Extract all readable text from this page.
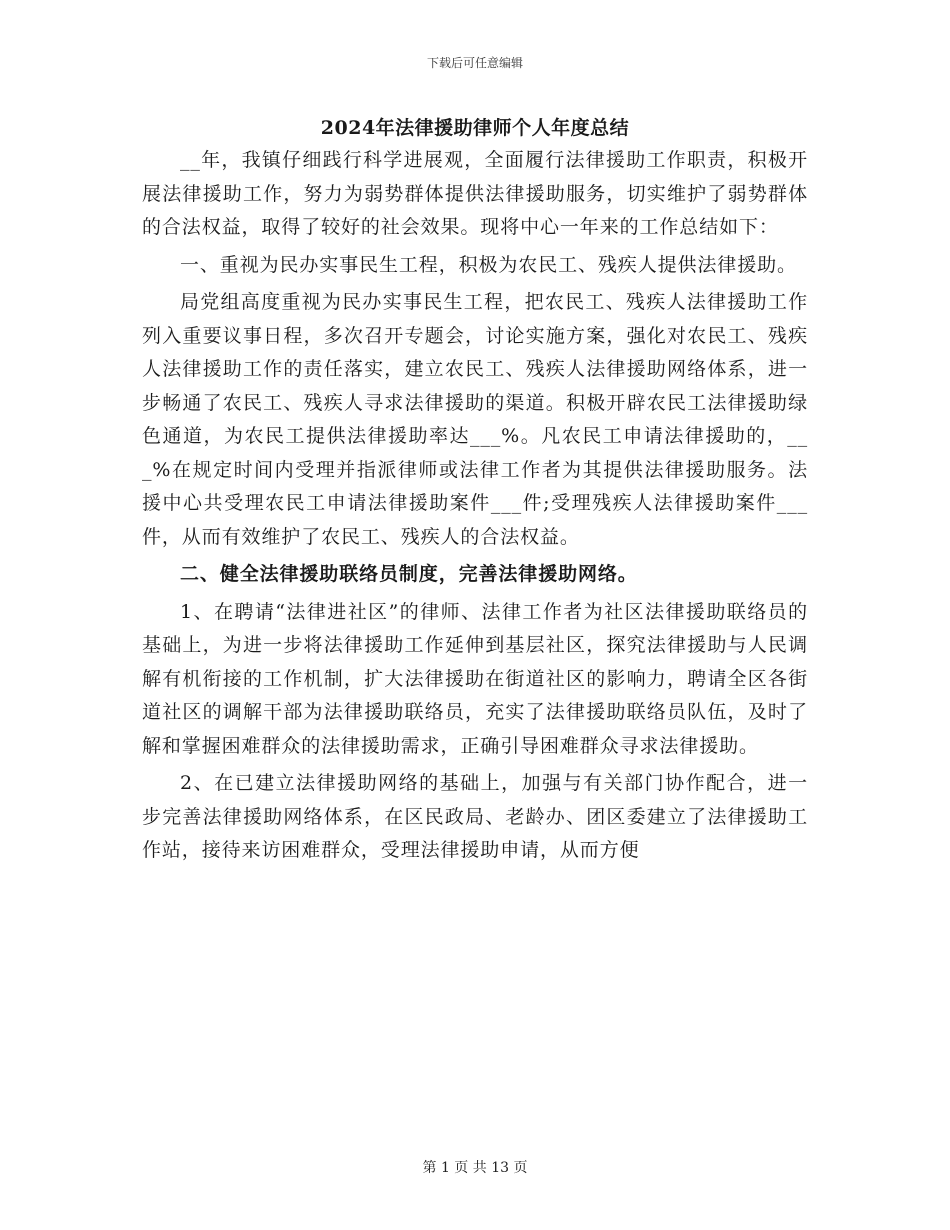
下载后可任意编辑
2024年法律援助律师个人年度总结

__年，我镇仔细践行科学进展观，全面履行法律援助工作职责，积极开展法律援助工作，努力为弱势群体提供法律援助服务，切实维护了弱势群体的合法权益，取得了较好的社会效果。现将中心一年来的工作总结如下：

一、重视为民办实事民生工程，积极为农民工、残疾人提供法律援助。

局党组高度重视为民办实事民生工程，把农民工、残疾人法律援助工作列入重要议事日程，多次召开专题会，讨论实施方案，强化对农民工、残疾人法律援助工作的责任落实，建立农民工、残疾人法律援助网络体系，进一步畅通了农民工、残疾人寻求法律援助的渠道。积极开辟农民工法律援助绿色通道，为农民工提供法律援助率达___%。凡农民工申请法律援助的，___%在规定时间内受理并指派律师或法律工作者为其提供法律援助服务。法援中心共受理农民工申请法律援助案件___件;受理残疾人法律援助案件___件，从而有效维护了农民工、残疾人的合法权益。

二、健全法律援助联络员制度，完善法律援助网络。

1、在聘请“法律进社区”的律师、法律工作者为社区法律援助联络员的基础上，为进一步将法律援助工作延伸到基层社区，探究法律援助与人民调解有机衔接的工作机制，扩大法律援助在街道社区的影响力，聘请全区各街道社区的调解干部为法律援助联络员，充实了法律援助联络员队伍，及时了解和掌握困难群众的法律援助需求，正确引导困难群众寻求法律援助。

2、在已建立法律援助网络的基础上，加强与有关部门协作配合，进一步完善法律援助网络体系，在区民政局、老龄办、团区委建立了法律援助工作站，接待来访困难群众，受理法律援助申请，从而方便

第 1 页 共 13 页
